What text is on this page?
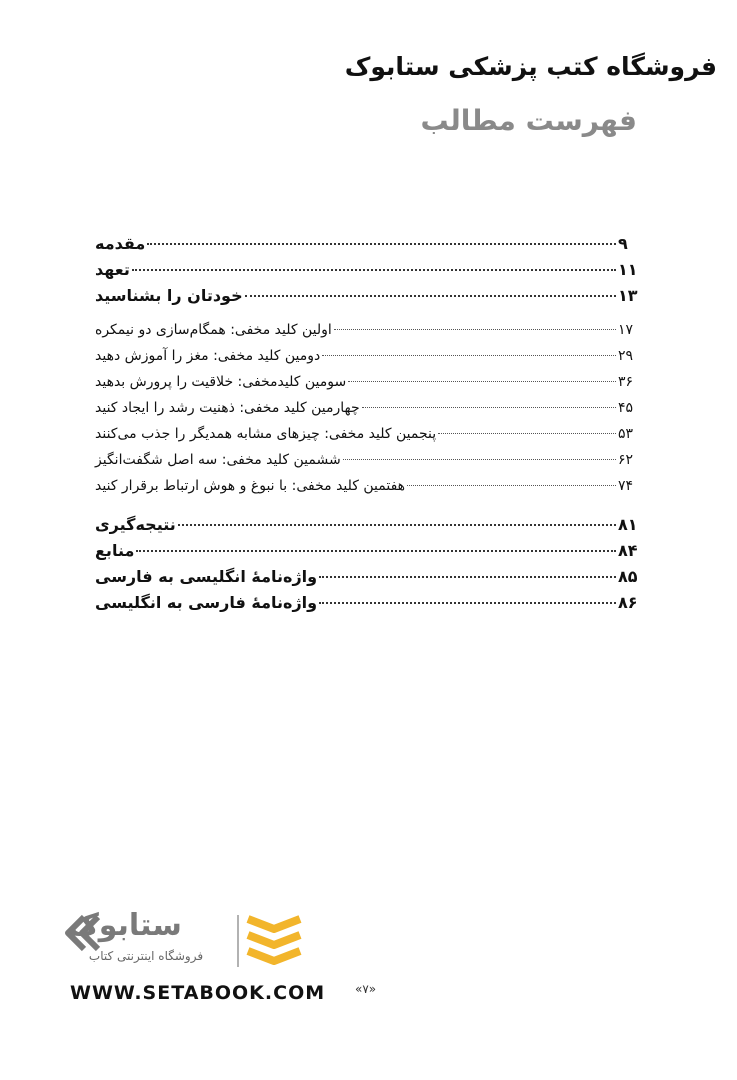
فروشگاه کتب پزشکی ستابوک
فهرست مطالب
مقدمه	۹
تعهد	۱۱
خودتان را بشناسید	۱۳
اولین کلید مخفی: همگام‌سازی دو نیمکره	۱۷
دومین کلید مخفی: مغز را آموزش دهید	۲۹
سومین کلیدمخفی: خلاقیت را پرورش بدهید	۳۶
چهارمین کلید مخفی: ذهنیت رشد را ایجاد کنید	۴۵
پنجمین کلید مخفی: چیزهای مشابه همدیگر را جذب می‌کنند	۵۳
ششمین کلید مخفی: سه اصل شگفت‌انگیز	۶۲
هفتمین کلید مخفی: با نبوغ و هوش ارتباط برقرار کنید	۷۴
نتیجه‌گیری	۸۱
منابع	۸۴
واژه‌نامهٔ انگلیسی به فارسی	۸۵
واژه‌نامهٔ فارسی به انگلیسی	۸۶
ستابوک
فروشگاه اینترنتی کتاب
WWW.SETABOOK.COM «۷»
